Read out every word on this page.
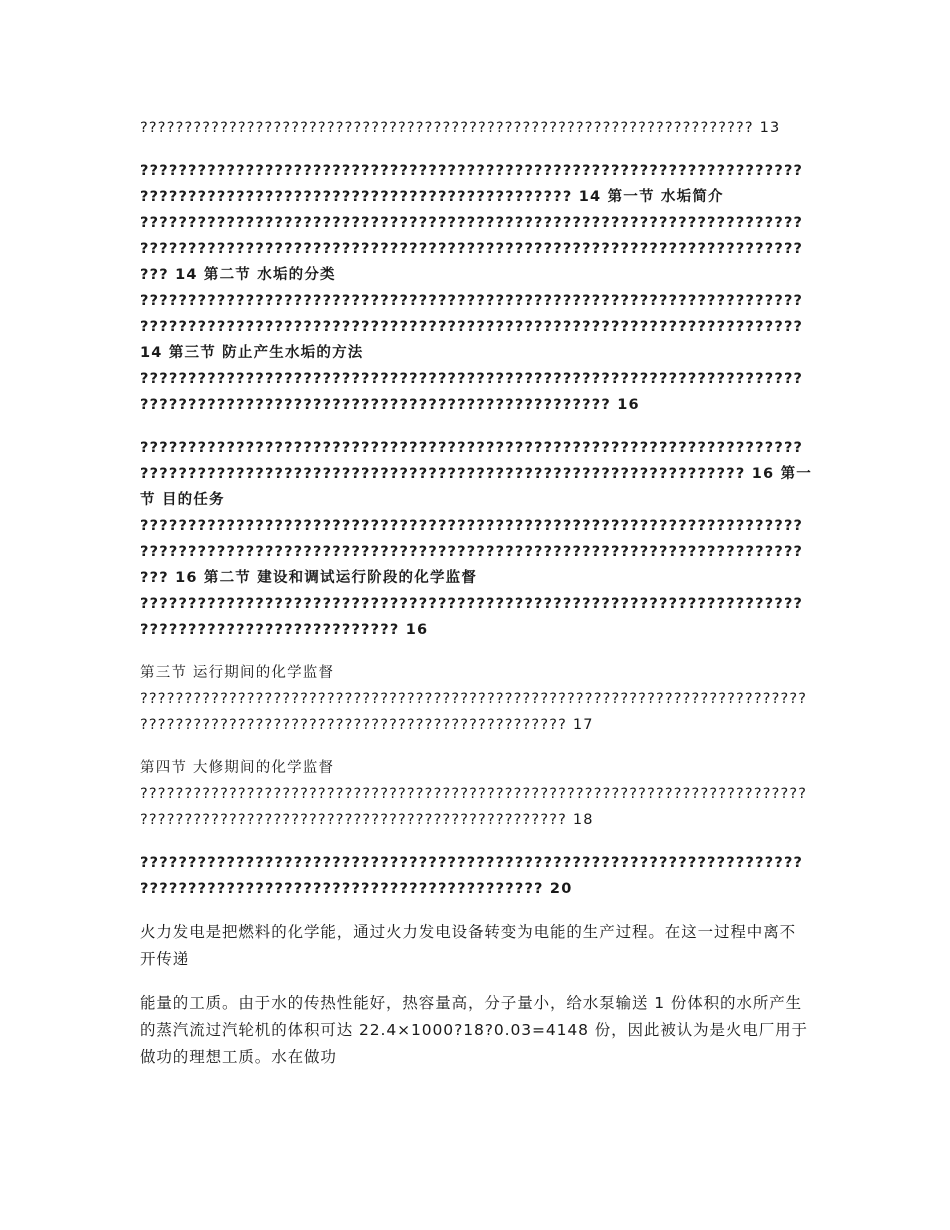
????????????????????????????????????????????????????????????????????? 13

?????????????????????????????????????????????????????????????????????????????????????????????????????????????????? 14 第一节 水垢简介 ????????????????????????????????????????????????????????????????????????????????????????????????????????????????????????????????????????????? 14 第二节 水垢的分类 ?????????????????????????????????????????????????????????????????????????????????????????????????????????????????????????????????????????? 14 第三节 防止产生水垢的方法 ?????????????????????????????????????????????????????????????????????????????????????????????????????????????????????? 16

???????????????????????????????????????????????????????????????????????????????????????????????????????????????????????????????????? 16 第一节 目的任务 ????????????????????????????????????????????????????????????????????????????????????????????????????????????????????????????????????????????? 16 第二节 建设和调试运行阶段的化学监督 ???????????????????????????????????????????????????????????????????????????????????????????????? 16

第三节 运行期间的化学监督 ??????????????????????????????????????????????????????????????????????????????????????????????????????????????????????????? 17

第四节 大修期间的化学监督 ??????????????????????????????????????????????????????????????????????????????????????????????????????????????????????????? 18

??????????????????????????????????????????????????????????????????????????????????????????????????????????????? 20

火力发电是把燃料的化学能，通过火力发电设备转变为电能的生产过程。在这一过程中离不开传递

能量的工质。由于水的传热性能好，热容量高，分子量小，给水泵输送 1 份体积的水所产生的蒸汽流过汽轮机的体积可达 22.4×1000?18?0.03=4148 份，因此被认为是火电厂用于做功的理想工质。水在做功
